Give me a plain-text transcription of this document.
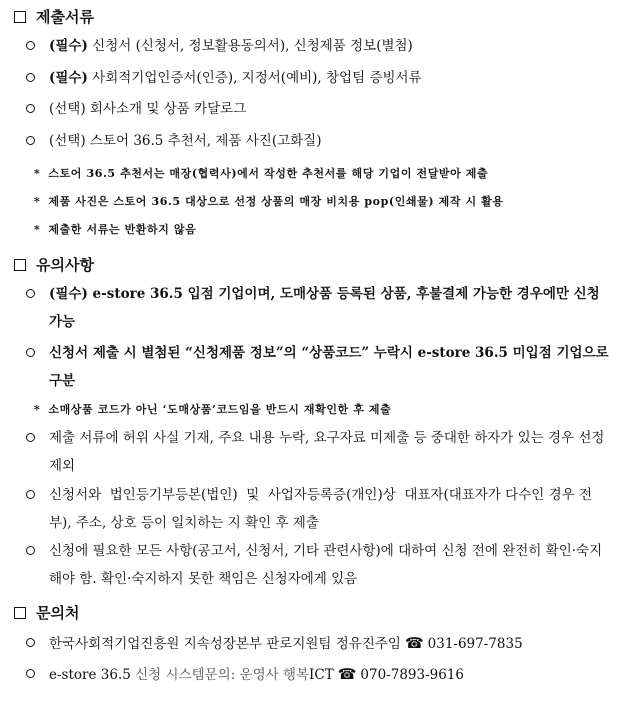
제출서류
(필수) 신청서 (신청서, 정보활용동의서), 신청제품 정보(별첨)
(필수) 사회적기업인증서(인증), 지정서(예비), 창업팀 증빙서류
(선택) 회사소개 및 상품 카달로그
(선택) 스토어 36.5 추천서, 제품 사진(고화질)
* 스토어 36.5 추천서는 매장(협력사)에서 작성한 추천서를 해당 기업이 전달받아 제출
* 제품 사진은 스토어 36.5 대상으로 선정 상품의 매장 비치용 pop(인쇄물) 제작 시 활용
* 제출한 서류는 반환하지 않음
유의사항
(필수) e-store 36.5 입점 기업이며, 도매상품 등록된 상품, 후불결제 가능한 경우에만 신청 가능
신청서 제출 시 별첨된 “신청제품 정보”의 “상품코드” 누락시 e-store 36.5 미입점 기업으로 구분
* 소매상품 코드가 아닌 ‘도매상품’코드임을 반드시 재확인한 후 제출
제출 서류에 허위 사실 기재, 주요 내용 누락, 요구자료 미제출 등 중대한 하자가 있는 경우 선정 제외
신청서와  법인등기부등본(법인)  및  사업자등록증(개인)상  대표자(대표자가 다수인 경우 전부), 주소, 상호 등이 일치하는 지 확인 후 제출
신청에 필요한 모든 사항(공고서, 신청서, 기타 관련사항)에 대하여 신청 전에 완전히 확인·숙지해야 함. 확인·숙지하지 못한 책임은 신청자에게 있음
문의처
한국사회적기업진흥원 지속성장본부 판로지원팀 정유진주임 ☎ 031-697-7835
e-store 36.5 신청 시스템문의: 운영사 행복ICT ☎ 070-7893-9616
